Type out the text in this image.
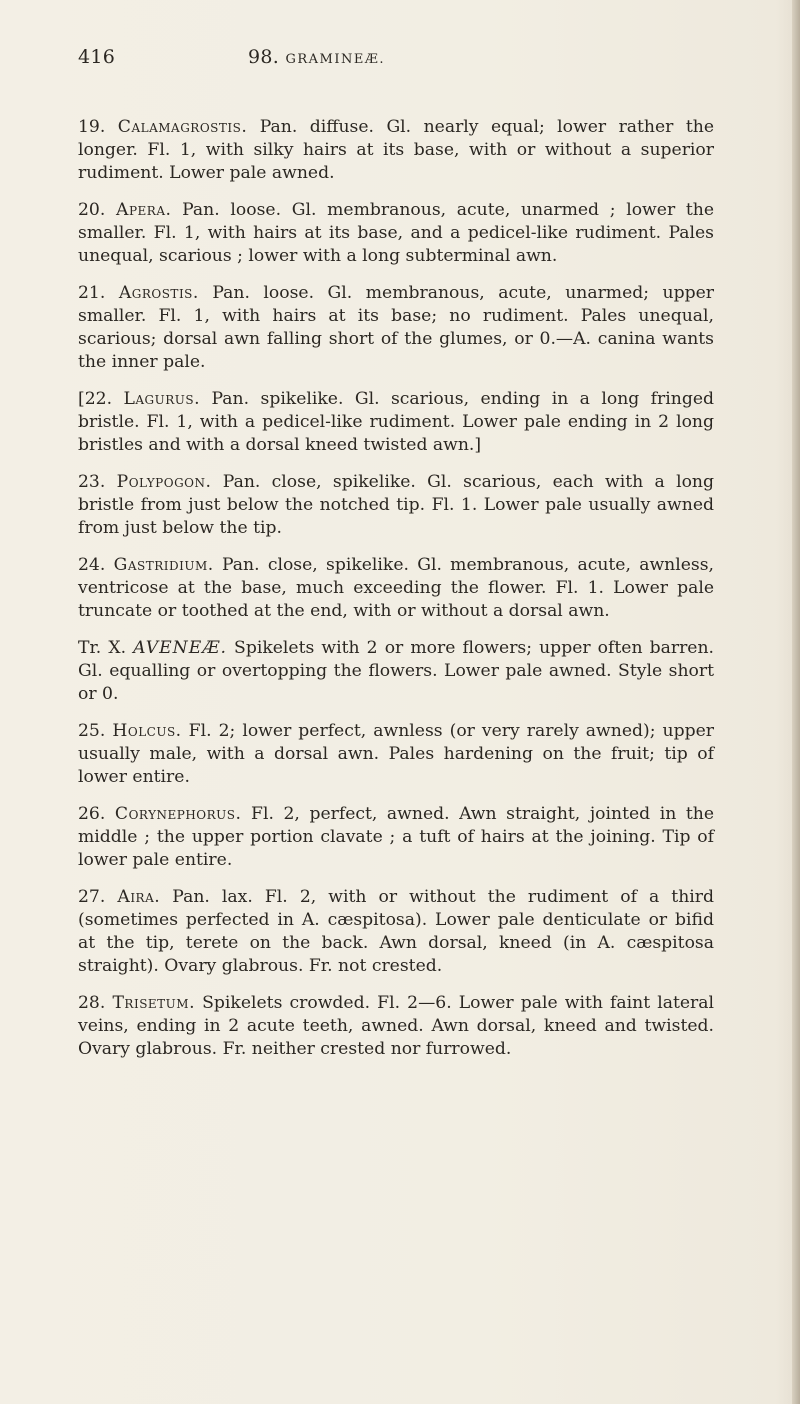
416	98. GRAMINEÆ.

19. Calamagrostis. Pan. diffuse. Gl. nearly equal; lower rather the longer. Fl. 1, with silky hairs at its base, with or without a superior rudiment. Lower pale awned.

20. Apera. Pan. loose. Gl. membranous, acute, unarmed ; lower the smaller. Fl. 1, with hairs at its base, and a pedicel-like rudiment. Pales unequal, scarious ; lower with a long subterminal awn.

21. Agrostis. Pan. loose. Gl. membranous, acute, unarmed; upper smaller. Fl. 1, with hairs at its base; no rudiment. Pales unequal, scarious; dorsal awn falling short of the glumes, or 0.—A. canina wants the inner pale.

[22. Lagurus. Pan. spikelike. Gl. scarious, ending in a long fringed bristle. Fl. 1, with a pedicel-like rudiment. Lower pale ending in 2 long bristles and with a dorsal kneed twisted awn.]

23. Polypogon. Pan. close, spikelike. Gl. scarious, each with a long bristle from just below the notched tip. Fl. 1. Lower pale usually awned from just below the tip.

24. Gastridium. Pan. close, spikelike. Gl. membranous, acute, awnless, ventricose at the base, much exceeding the flower. Fl. 1. Lower pale truncate or toothed at the end, with or without a dorsal awn.

Tr. X. AVENEÆ. Spikelets with 2 or more flowers; upper often barren. Gl. equalling or overtopping the flowers. Lower pale awned. Style short or 0.

25. Holcus. Fl. 2; lower perfect, awnless (or very rarely awned); upper usually male, with a dorsal awn. Pales hardening on the fruit; tip of lower entire.

26. Corynephorus. Fl. 2, perfect, awned. Awn straight, jointed in the middle ; the upper portion clavate ; a tuft of hairs at the joining. Tip of lower pale entire.

27. Aira. Pan. lax. Fl. 2, with or without the rudiment of a third (sometimes perfected in A. cæspitosa). Lower pale denticulate or bifid at the tip, terete on the back. Awn dorsal, kneed (in A. cæspitosa straight). Ovary glabrous. Fr. not crested.

28. Trisetum. Spikelets crowded. Fl. 2—6. Lower pale with faint lateral veins, ending in 2 acute teeth, awned. Awn dorsal, kneed and twisted. Ovary glabrous. Fr. neither crested nor furrowed.
